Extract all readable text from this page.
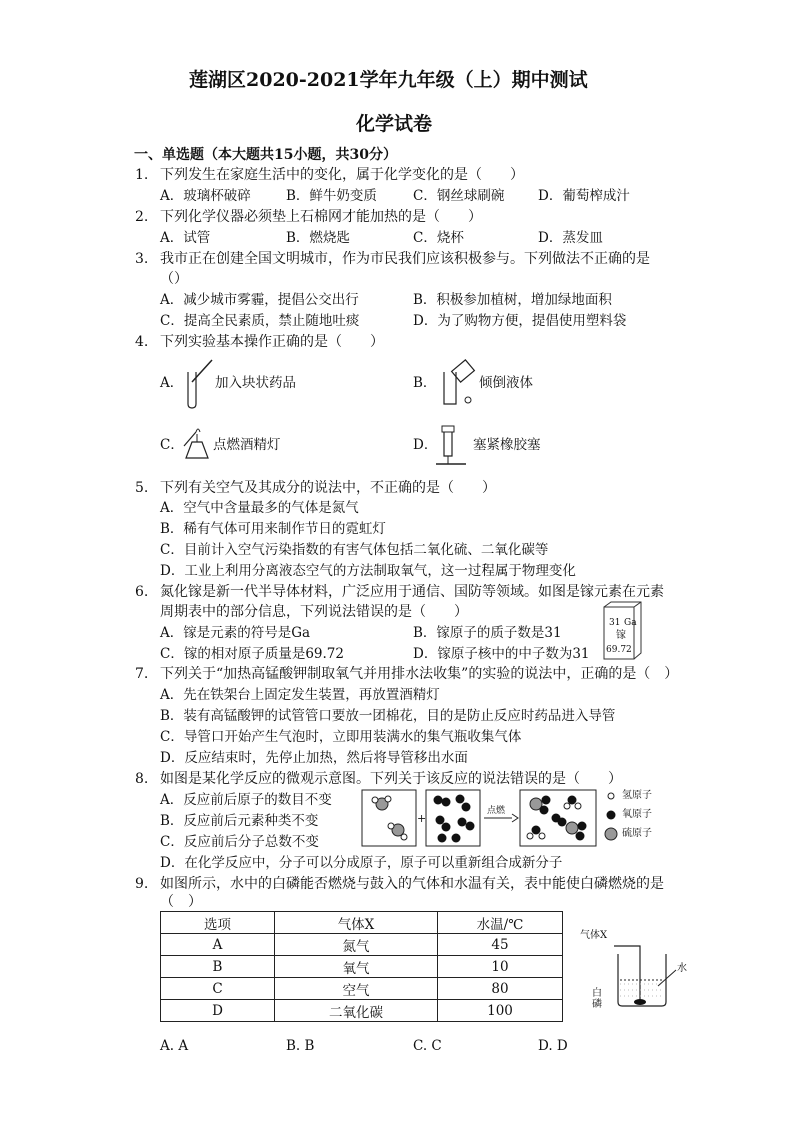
莲湖区2020-2021学年九年级（上）期中测试
化学试卷
一、单选题（本大题共15小题，共30分）
1. 下列发生在家庭生活中的变化，属于化学变化的是（　　）
A．玻璃杯破碎	B．鲜牛奶变质	C．钢丝球刷碗 D．葡萄榨成汁
2. 下列化学仪器必须垫上石棉网才能加热的是（　　）
A．试管	B．燃烧匙	C．烧杯	D．蒸发皿
3. 我市正在创建全国文明城市，作为市民我们应该积极参与。下列做法不正确的是
（）
A．减少城市雾霾，提倡公交出行	B．积极参加植树，增加绿地面积
C．提高全民素质，禁止随地吐痰	D．为了购物方便，提倡使用塑料袋
4. 下列实验基本操作正确的是（　　）
A． 加入块状药品	B．	倾倒液体
C． 点燃酒精灯	D．	塞紧橡胶塞
5. 下列有关空气及其成分的说法中，不正确的是（　　）
A．空气中含量最多的气体是氮气
B．稀有气体可用来制作节日的霓虹灯
C．目前计入空气污染指数的有害气体包括二氧化硫、二氧化碳等
D．工业上利用分离液态空气的方法制取氧气，这一过程属于物理变化
6. 氮化镓是新一代半导体材料，广泛应用于通信、国防等领域。如图是镓元素在元素
周期表中的部分信息，下列说法错误的是（　　）
A．镓是元素的符号是Ga	B．镓原子的质子数是31
C．镓的相对原子质量是69.72	D．镓原子核中的中子数为31
31 Ga
镓
69.72
7. 下列关于“加热高锰酸钾制取氧气并用排水法收集”的实验的说法中，正确的是（　）
A．先在铁架台上固定发生装置，再放置酒精灯
B．装有高锰酸钾的试管管口要放一团棉花，目的是防止反应时药品进入导管
C．导管口开始产生气泡时，立即用装满水的集气瓶收集气体
D．反应结束时，先停止加热，然后将导管移出水面
8. 如图是某化学反应的微观示意图。下列关于该反应的说法错误的是（　　）
A．反应前后原子的数目不变
B．反应前后元素种类不变
C．反应前后分子总数不变
D．在化学反应中，分子可以分成原子，原子可以重新组合成新分子
+
点燃
氢原子
氧原子
硫原子
9. 如图所示，水中的白磷能否燃烧与鼓入的气体和水温有关，表中能使白磷燃烧的是
（　）
选项	气体X	水温/℃
A	氮气	45
B	氧气	10
C	空气	80
D	二氧化碳	100
A. A	B. B	C. C	D. D
气体X
水
白磷
